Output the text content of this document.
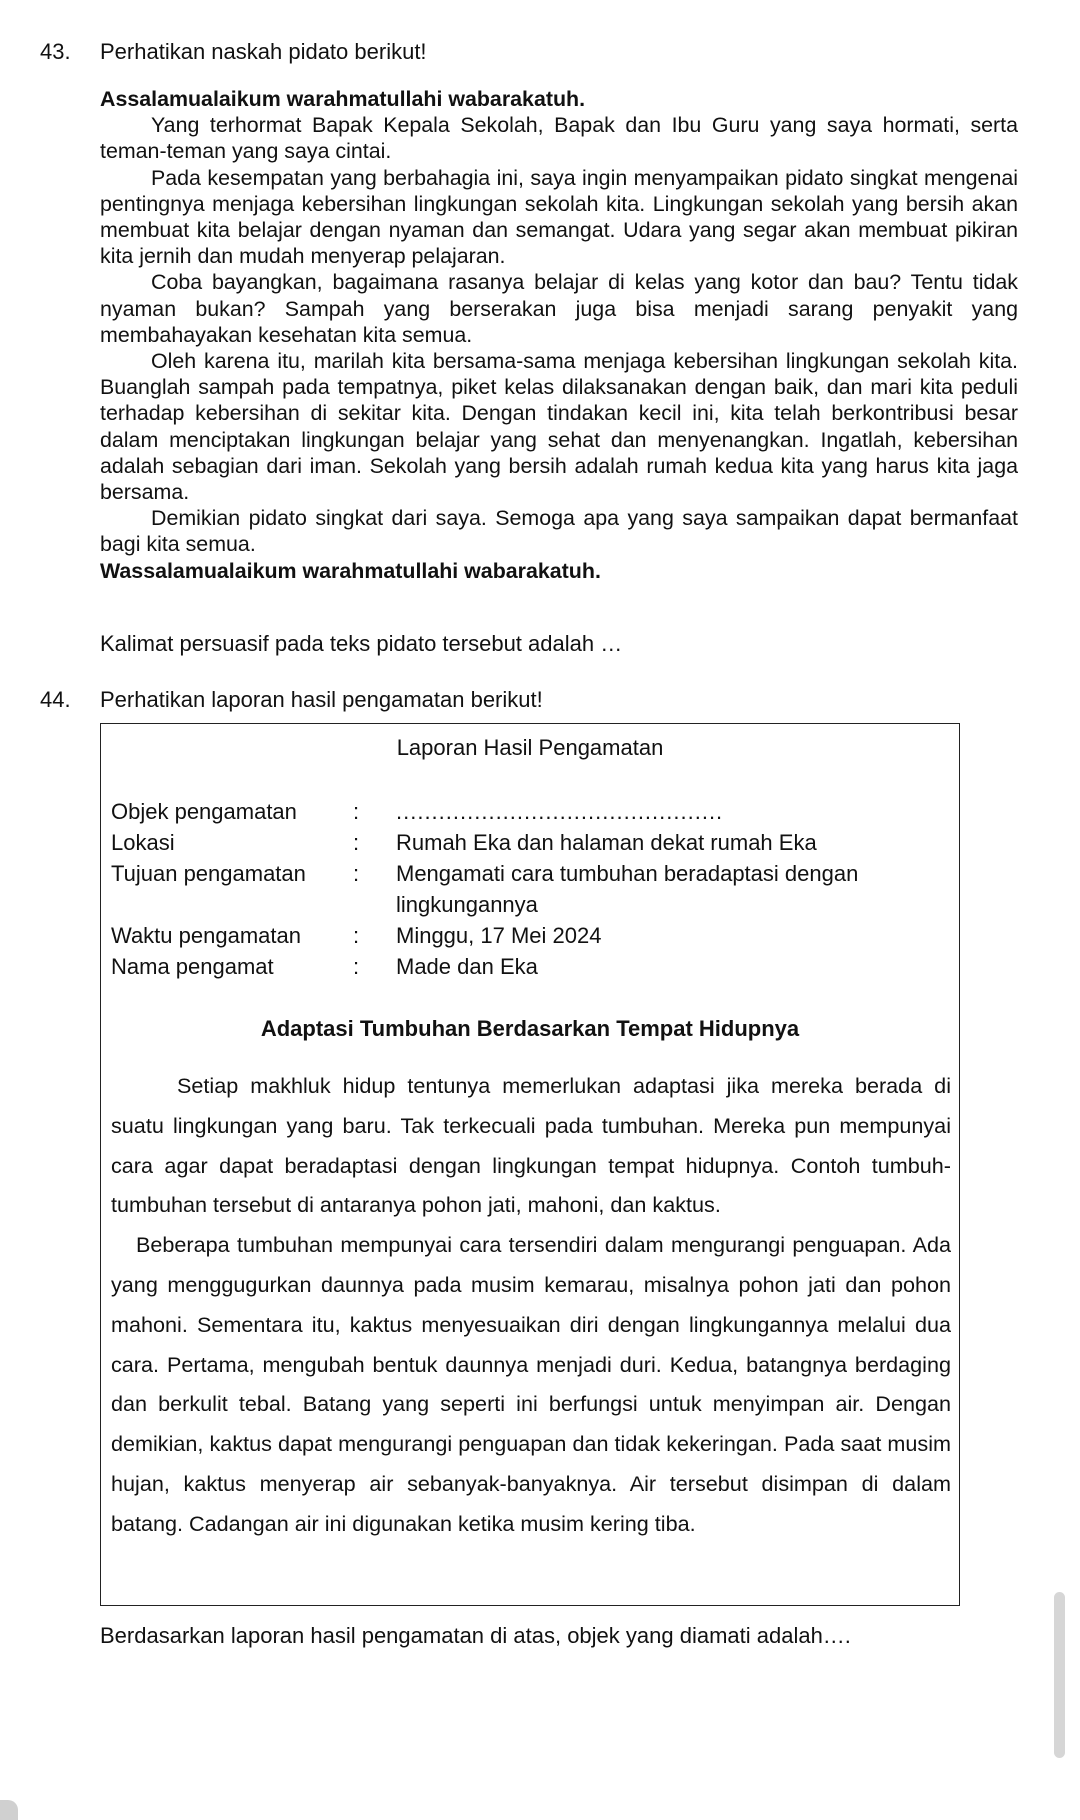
43. Perhatikan naskah pidato berikut!

Assalamualaikum warahmatullahi wabarakatuh.

Yang terhormat Bapak Kepala Sekolah, Bapak dan Ibu Guru yang saya hormati, serta teman-teman yang saya cintai.

Pada kesempatan yang berbahagia ini, saya ingin menyampaikan pidato singkat mengenai pentingnya menjaga kebersihan lingkungan sekolah kita. Lingkungan sekolah yang bersih akan membuat kita belajar dengan nyaman dan semangat. Udara yang segar akan membuat pikiran kita jernih dan mudah menyerap pelajaran.

Coba bayangkan, bagaimana rasanya belajar di kelas yang kotor dan bau? Tentu tidak nyaman bukan? Sampah yang berserakan juga bisa menjadi sarang penyakit yang membahayakan kesehatan kita semua.

Oleh karena itu, marilah kita bersama-sama menjaga kebersihan lingkungan sekolah kita. Buanglah sampah pada tempatnya, piket kelas dilaksanakan dengan baik, dan mari kita peduli terhadap kebersihan di sekitar kita. Dengan tindakan kecil ini, kita telah berkontribusi besar dalam menciptakan lingkungan belajar yang sehat dan menyenangkan. Ingatlah, kebersihan adalah sebagian dari iman. Sekolah yang bersih adalah rumah kedua kita yang harus kita jaga bersama.

Demikian pidato singkat dari saya. Semoga apa yang saya sampaikan dapat bermanfaat bagi kita semua.

Wassalamualaikum warahmatullahi wabarakatuh.

Kalimat persuasif pada teks pidato tersebut adalah …
44. Perhatikan laporan hasil pengamatan berikut!
Laporan Hasil Pengamatan
Objek pengamatan	: ..............................................
Lokasi	: Rumah Eka dan halaman dekat rumah Eka
Tujuan pengamatan : Mengamati cara tumbuhan beradaptasi dengan lingkungannya
Waktu pengamatan : Minggu, 17 Mei 2024
Nama pengamat	: Made dan Eka
Adaptasi Tumbuhan Berdasarkan Tempat Hidupnya

Setiap makhluk hidup tentunya memerlukan adaptasi jika mereka berada di suatu lingkungan yang baru. Tak terkecuali pada tumbuhan. Mereka pun mempunyai cara agar dapat beradaptasi dengan lingkungan tempat hidupnya. Contoh tumbuh-tumbuhan tersebut di antaranya pohon jati, mahoni, dan kaktus.

Beberapa tumbuhan mempunyai cara tersendiri dalam mengurangi penguapan. Ada yang menggugurkan daunnya pada musim kemarau, misalnya pohon jati dan pohon mahoni. Sementara itu, kaktus menyesuaikan diri dengan lingkungannya melalui dua cara. Pertama, mengubah bentuk daunnya menjadi duri. Kedua, batangnya berdaging dan berkulit tebal. Batang yang seperti ini berfungsi untuk menyimpan air. Dengan demikian, kaktus dapat mengurangi penguapan dan tidak kekeringan. Pada saat musim hujan, kaktus menyerap air sebanyak-banyaknya. Air tersebut disimpan di dalam batang. Cadangan air ini digunakan ketika musim kering tiba.

Berdasarkan laporan hasil pengamatan di atas, objek yang diamati adalah….
